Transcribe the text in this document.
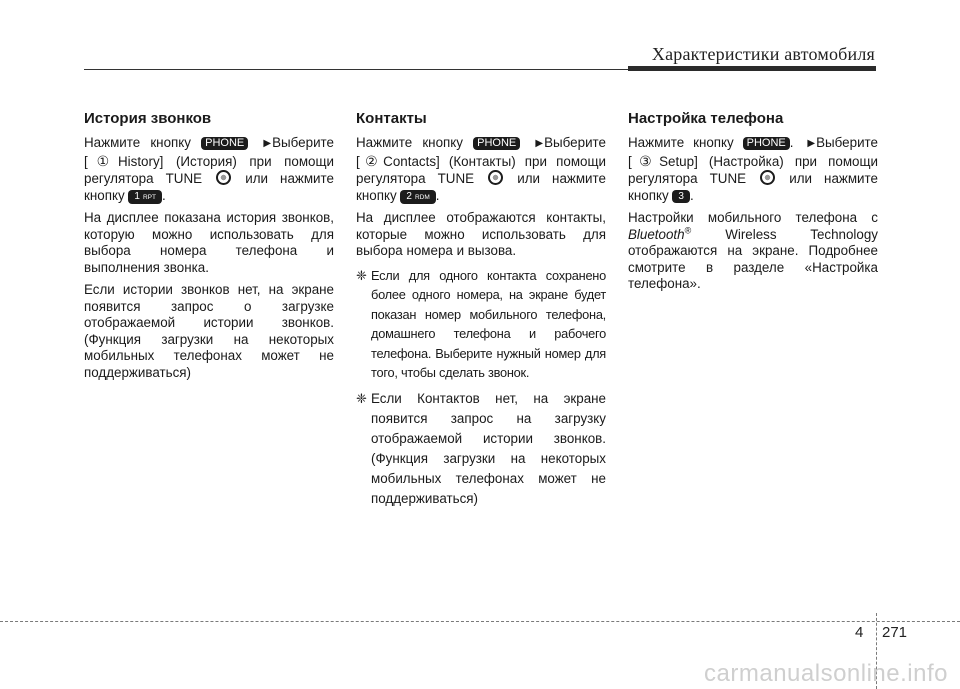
Характеристики автомобиля
История звонков

Нажмите кнопку PHONE ▶Выберите [①History] (История) при помощи регулятора TUNE	или нажмите кнопку 1 RPT .

На дисплее показана история звонков, которую можно использовать для выбора номера телефона и выполнения звонка.

Если истории звонков нет, на экране появится запрос о загрузке отображаемой истории звонков. (Функция загрузки на некоторых мобильных телефонах может не поддерживаться)

Контакты

Нажмите кнопку PHONE ▶Выберите [②Contacts] (Контакты) при помощи регулятора TUNE	или нажмите кнопку 2 RDM .

На дисплее отображаются контакты, которые можно использовать для выбора номера и вызова.

❈ Если для одного контакта сохранено более одного номера, на экране будет показан номер мобильного телефона, домашнего телефона и рабочего телефона. Выберите нужный номер для того, чтобы сделать звонок.
❈ Если Контактов нет, на экране появится запрос на загрузку отображаемой истории звонков. (Функция загрузки на некоторых мобильных телефонах может не поддерживаться)
Настройка телефона

Нажмите кнопку PHONE . ▶Выберите [③Setup] (Настройка) при помощи регулятора TUNE	или нажмите кнопку 3 .

Настройки мобильного телефона с Bluetooth®	Wireless Technology отображаются на экране. Подробнее смотрите в разделе «Настройка телефона».

4 271
carmanualsonline.info
